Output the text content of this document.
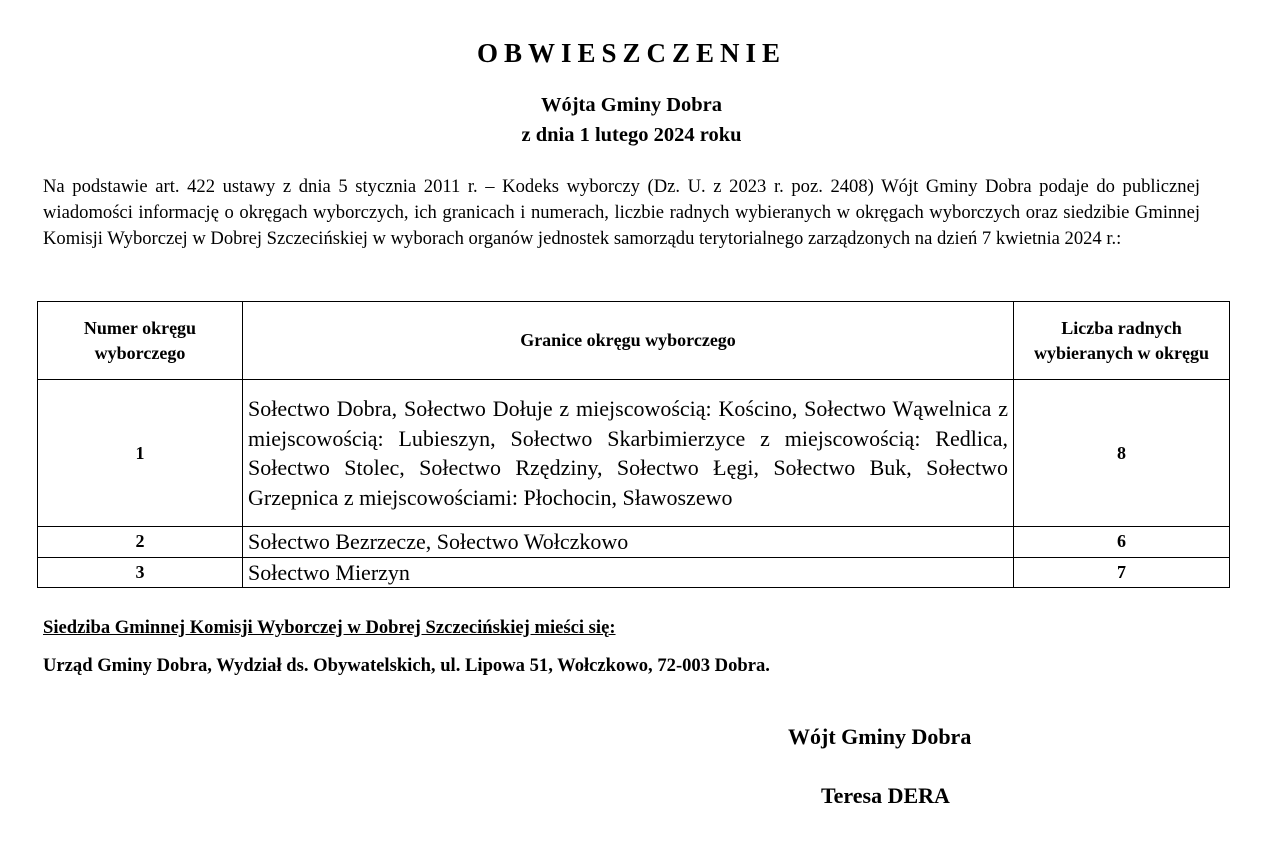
OBWIESZCZENIE

Wójta Gminy Dobra

z dnia 1 lutego 2024 roku

Na podstawie art. 422 ustawy z dnia 5 stycznia 2011 r. – Kodeks wyborczy (Dz. U. z 2023 r. poz. 2408) Wójt Gminy Dobra podaje do publicznej wiadomości informację o okręgach wyborczych, ich granicach i numerach, liczbie radnych wybieranych w okręgach wyborczych oraz siedzibie Gminnej Komisji Wyborczej w Dobrej Szczecińskiej w wyborach organów jednostek samorządu terytorialnego zarządzonych na dzień 7 kwietnia 2024 r.:

Numer okręgu wyborczego	Granice okręgu wyborczego	Liczba radnych wybieranych w okręgu
1	Sołectwo Dobra, Sołectwo Dołuje z miejscowością: Kościno, Sołectwo Wąwelnica z miejscowością: Lubieszyn, Sołectwo Skarbimierzyce z miejscowością: Redlica, Sołectwo Stolec, Sołectwo Rzędziny, Sołectwo Łęgi, Sołectwo Buk, Sołectwo Grzepnica z miejscowościami: Płochocin, Sławoszewo	8
2	Sołectwo Bezrzecze, Sołectwo Wołczkowo	6
3	Sołectwo Mierzyn	7

Siedziba Gminnej Komisji Wyborczej w Dobrej Szczecińskiej mieści się:

Urząd Gminy Dobra, Wydział ds. Obywatelskich, ul. Lipowa 51, Wołczkowo, 72-003 Dobra.

Wójt Gminy Dobra

Teresa DERA
